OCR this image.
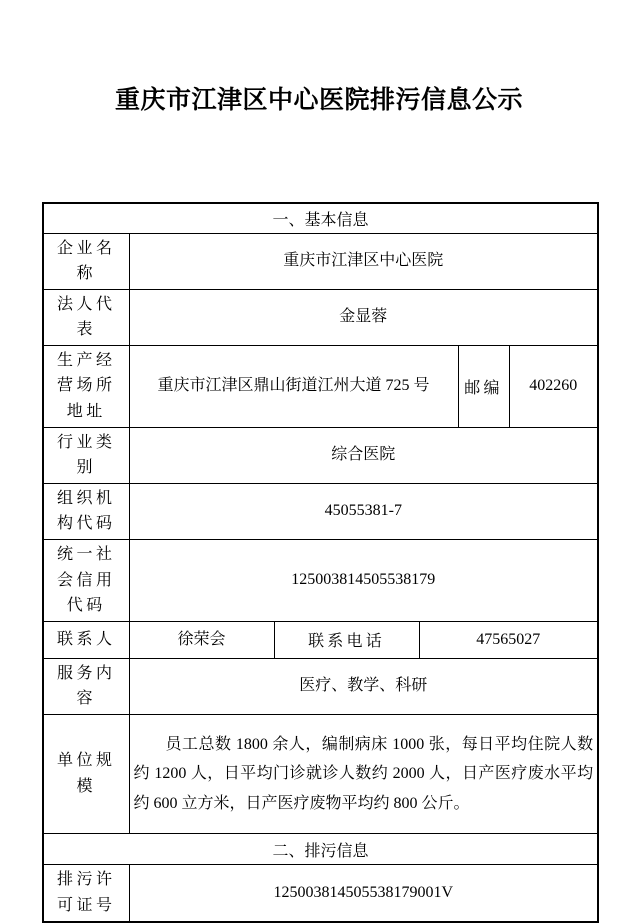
重庆市江津区中心医院排污信息公示
一、基本信息					
企业名称	重庆市江津区中心医院				
法人代表	金显蓉				
生产经营场所地址	重庆市江津区鼎山街道江州大道 725 号			邮编	402260
行业类别	综合医院				
组织机构代码	45055381-7				
统一社会信用代码	125003814505538179				
联系人	徐荣会	联系电话	47565027		
服务内容	医疗、教学、科研				
单位规模	员工总数 1800 余人，编制病床 1000 张，每日平均住院人数约 1200 人，日平均门诊就诊人数约 2000 人，日产医疗废水平均约 600 立方米，日产医疗废物平均约 800 公斤。				

二、排污信息					
排污许可证号	125003814505538179001V				
